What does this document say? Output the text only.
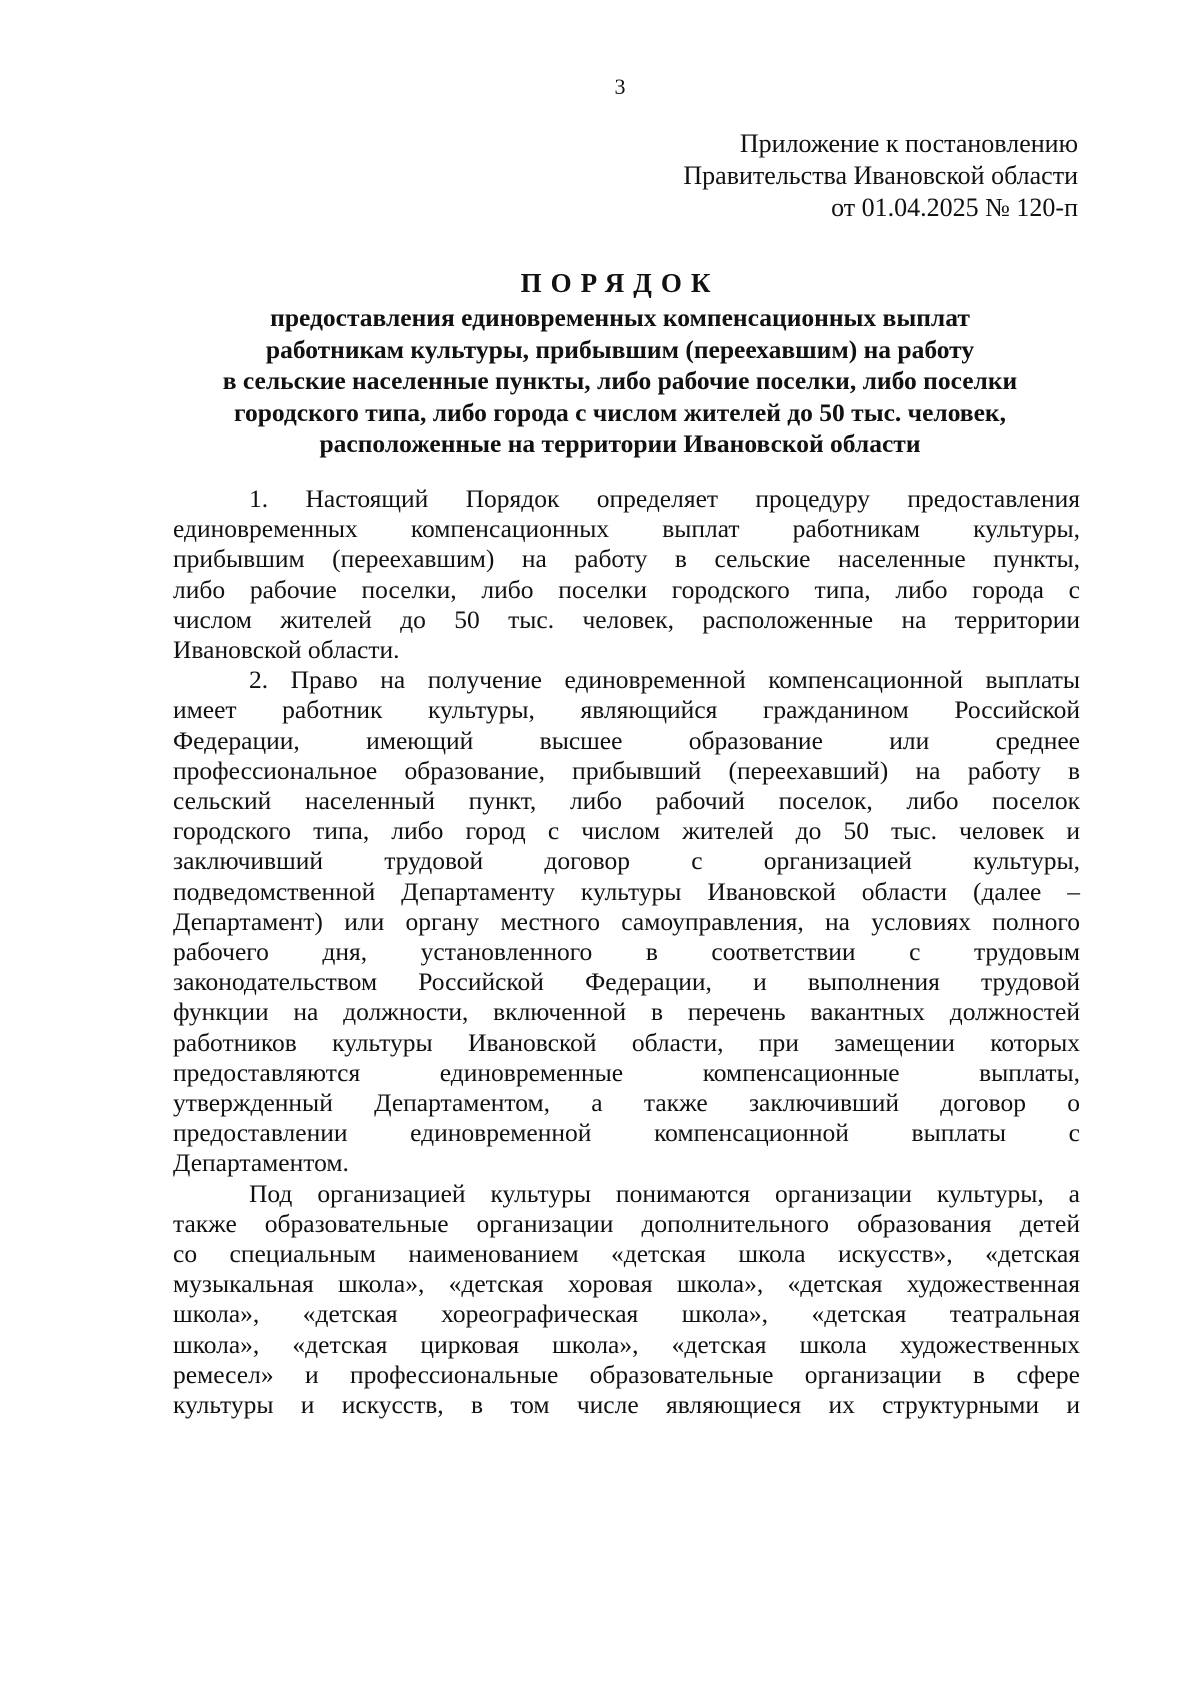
3
Приложение к постановлению
Правительства Ивановской области
от 01.04.2025 № 120-п
ПОРЯДОК
предоставления единовременных компенсационных выплат
работникам культуры, прибывшим (переехавшим) на работу
в сельские населенные пункты, либо рабочие поселки, либо поселки
городского типа, либо города с числом жителей до 50 тыс. человек,
расположенные на территории Ивановской области
1. Настоящий Порядок определяет процедуру предоставления
единовременных компенсационных выплат работникам культуры,
прибывшим (переехавшим) на работу в сельские населенные пункты,
либо рабочие поселки, либо поселки городского типа, либо города с
числом жителей до 50 тыс. человек, расположенные на территории
Ивановской области.
2. Право на получение единовременной компенсационной выплаты
имеет работник культуры, являющийся гражданином Российской
Федерации, имеющий высшее образование или среднее
профессиональное образование, прибывший (переехавший) на работу в
сельский населенный пункт, либо рабочий поселок, либо поселок
городского типа, либо город с числом жителей до 50 тыс. человек и
заключивший трудовой договор с организацией культуры,
подведомственной Департаменту культуры Ивановской области (далее –
Департамент) или органу местного самоуправления, на условиях полного
рабочего дня, установленного в соответствии с трудовым
законодательством Российской Федерации, и выполнения трудовой
функции на должности, включенной в перечень вакантных должностей
работников культуры Ивановской области, при замещении которых
предоставляются единовременные компенсационные выплаты,
утвержденный Департаментом, а также заключивший договор о
предоставлении единовременной компенсационной выплаты с
Департаментом.
Под организацией культуры понимаются организации культуры, а
также образовательные организации дополнительного образования детей
со специальным наименованием «детская школа искусств», «детская
музыкальная школа», «детская хоровая школа», «детская художественная
школа», «детская хореографическая школа», «детская театральная
школа», «детская цирковая школа», «детская школа художественных
ремесел» и профессиональные образовательные организации в сфере
культуры и искусств, в том числе являющиеся их структурными и
